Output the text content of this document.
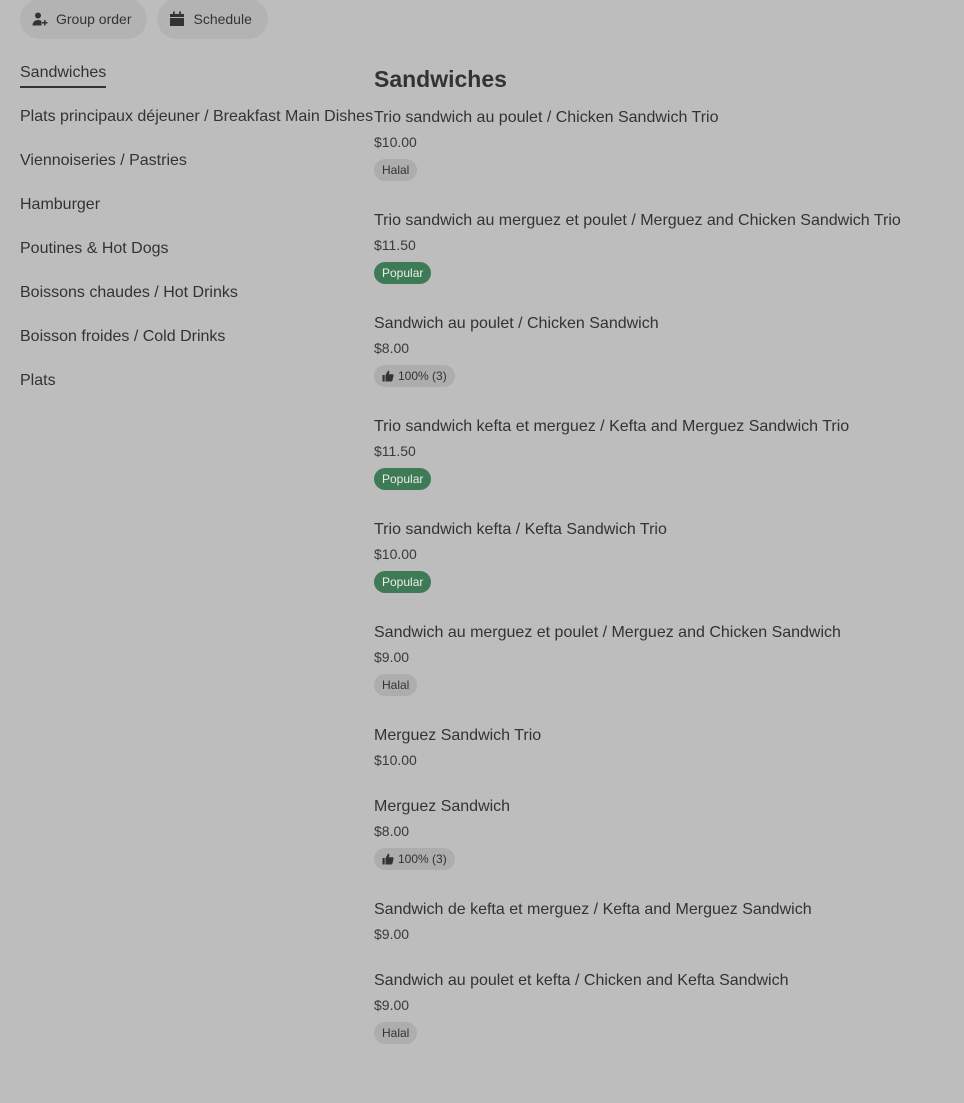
Group order	Schedule
Sandwiches
Plats principaux déjeuner / Breakfast Main Dishes
Viennoiseries / Pastries
Hamburger
Poutines & Hot Dogs
Boissons chaudes / Hot Drinks
Boisson froides / Cold Drinks
Plats
Sandwiches
Trio sandwich au poulet / Chicken Sandwich Trio
$10.00
Halal
Trio sandwich au merguez et poulet / Merguez and Chicken Sandwich Trio
$11.50
Popular
Sandwich au poulet / Chicken Sandwich
$8.00
100% (3)
Trio sandwich kefta et merguez / Kefta and Merguez Sandwich Trio
$11.50
Popular
Trio sandwich kefta / Kefta Sandwich Trio
$10.00
Popular
Sandwich au merguez et poulet / Merguez and Chicken Sandwich
$9.00
Halal
Merguez Sandwich Trio
$10.00
Merguez Sandwich
$8.00
100% (3)
Sandwich de kefta et merguez / Kefta and Merguez Sandwich
$9.00
Sandwich au poulet et kefta / Chicken and Kefta Sandwich
$9.00
Halal
